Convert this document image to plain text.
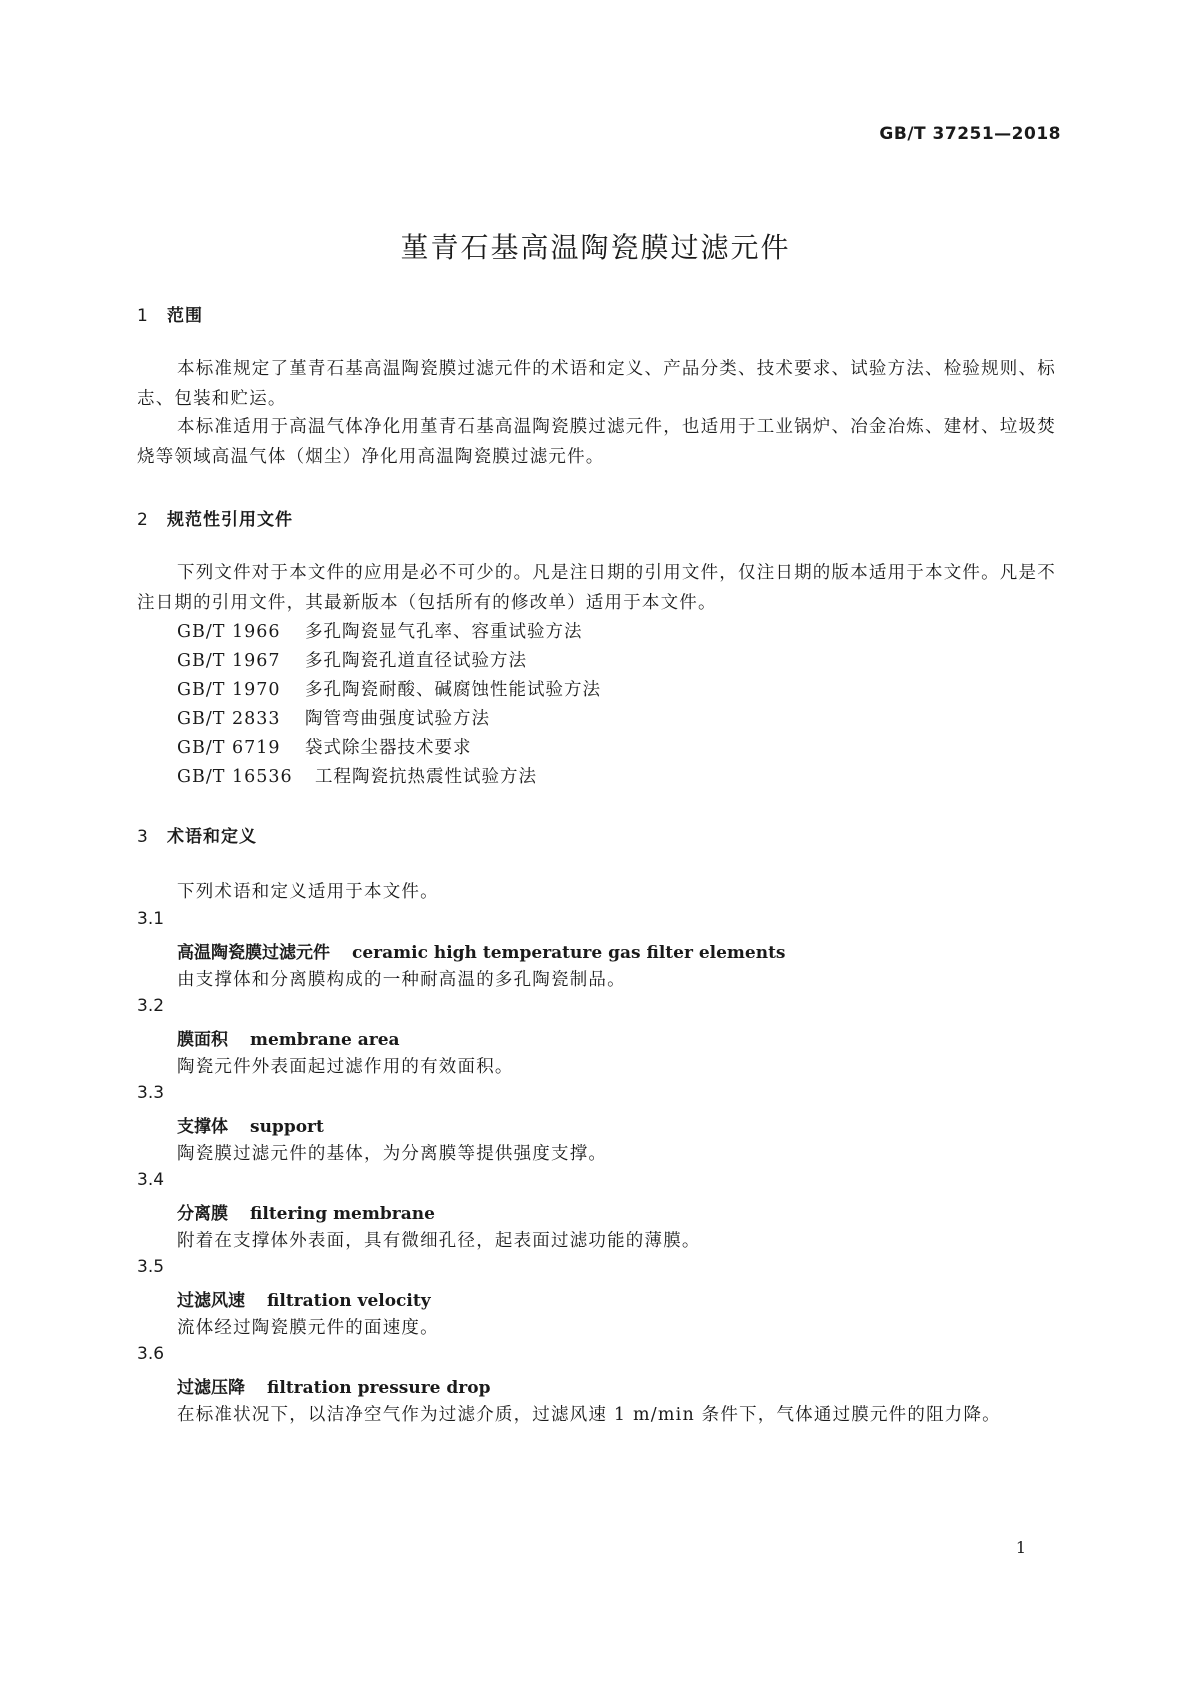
GB/T 37251—2018
堇青石基高温陶瓷膜过滤元件
1 范围
本标准规定了堇青石基高温陶瓷膜过滤元件的术语和定义、产品分类、技术要求、试验方法、检验规则、标志、包装和贮运。
本标准适用于高温气体净化用堇青石基高温陶瓷膜过滤元件，也适用于工业锅炉、冶金冶炼、建材、垃圾焚烧等领域高温气体（烟尘）净化用高温陶瓷膜过滤元件。
2 规范性引用文件
下列文件对于本文件的应用是必不可少的。凡是注日期的引用文件，仅注日期的版本适用于本文件。凡是不注日期的引用文件，其最新版本（包括所有的修改单）适用于本文件。
GB/T 1966 多孔陶瓷显气孔率、容重试验方法
GB/T 1967 多孔陶瓷孔道直径试验方法
GB/T 1970 多孔陶瓷耐酸、碱腐蚀性能试验方法
GB/T 2833 陶管弯曲强度试验方法
GB/T 6719 袋式除尘器技术要求
GB/T 16536 工程陶瓷抗热震性试验方法
3 术语和定义
下列术语和定义适用于本文件。
3.1
高温陶瓷膜过滤元件 ceramic high temperature gas filter elements
由支撑体和分离膜构成的一种耐高温的多孔陶瓷制品。
3.2
膜面积 membrane area
陶瓷元件外表面起过滤作用的有效面积。
3.3
支撑体 support
陶瓷膜过滤元件的基体，为分离膜等提供强度支撑。
3.4
分离膜 filtering membrane
附着在支撑体外表面，具有微细孔径，起表面过滤功能的薄膜。
3.5
过滤风速 filtration velocity
流体经过陶瓷膜元件的面速度。
3.6
过滤压降 filtration pressure drop
在标准状况下，以洁净空气作为过滤介质，过滤风速 1 m/min 条件下，气体通过膜元件的阻力降。
1
